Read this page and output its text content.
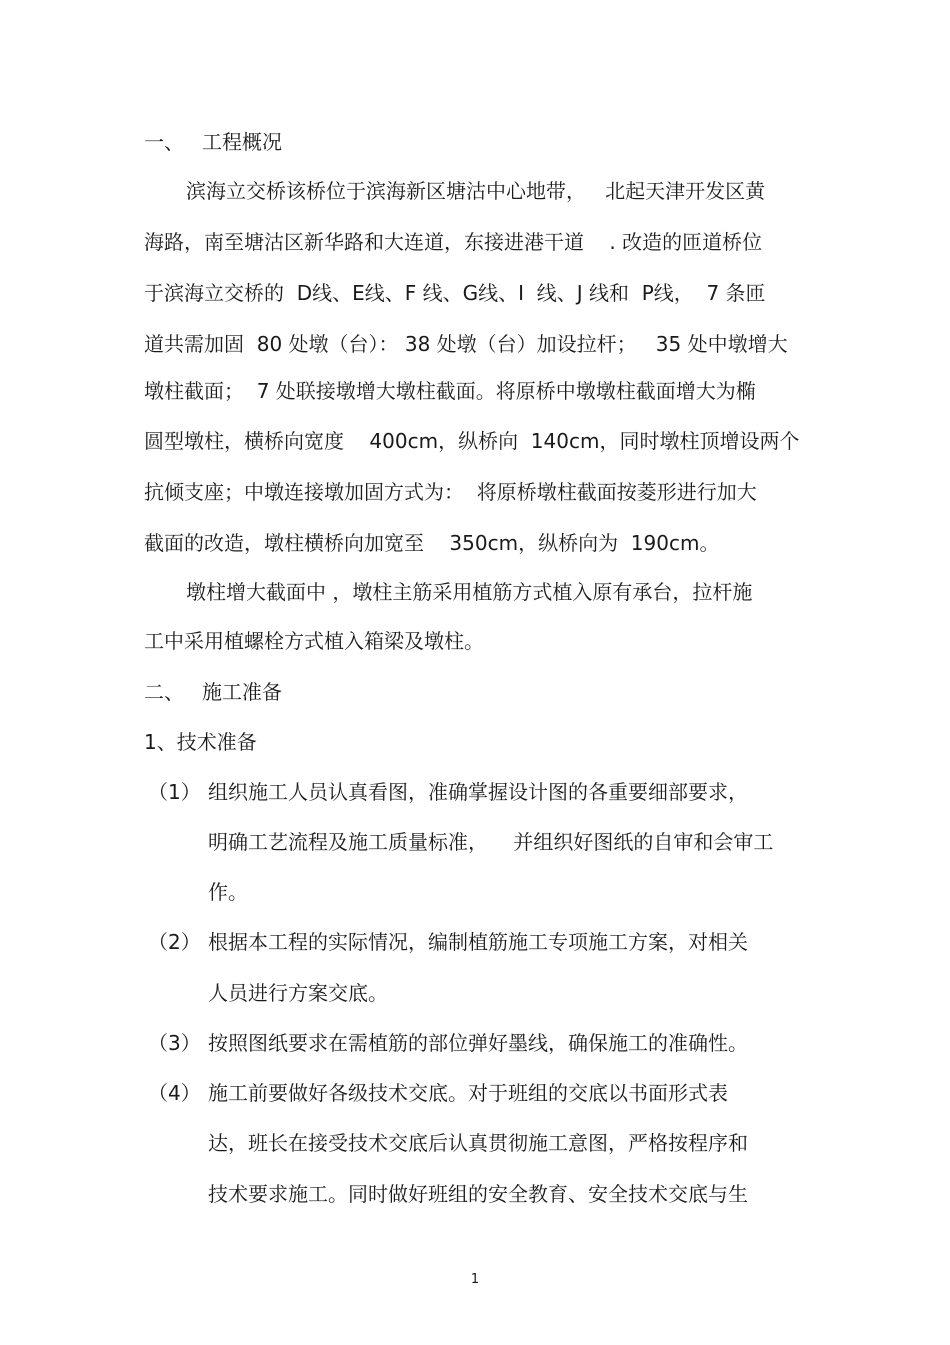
一、 工程概况
滨海立交桥该桥位于滨海新区塘沽中心地带，   北起天津开发区黄
海路，南至塘沽区新华路和大连道，东接进港干道    . 改造的匝道桥位
于滨海立交桥的  D线、E线、F 线、G线、I  线、J 线和  P线，  7 条匝
道共需加固  80 处墩（台）： 38 处墩（台）加设拉杆；   35 处中墩增大
墩柱截面；  7 处联接墩增大墩柱截面。将原桥中墩墩柱截面增大为椭
圆型墩柱，横桥向宽度    400cm，纵桥向  140cm，同时墩柱顶增设两个
抗倾支座；中墩连接墩加固方式为：  将原桥墩柱截面按菱形进行加大
截面的改造，墩柱横桥向加宽至    350cm，纵桥向为  190cm。
墩柱增大截面中 ，墩柱主筋采用植筋方式植入原有承台，拉杆施
工中采用植螺栓方式植入箱梁及墩柱。
二、 施工准备
1、技术准备
（1） 组织施工人员认真看图，准确掌握设计图的各重要细部要求，
明确工艺流程及施工质量标准，    并组织好图纸的自审和会审工
作。
（2） 根据本工程的实际情况，编制植筋施工专项施工方案，对相关
人员进行方案交底。
（3） 按照图纸要求在需植筋的部位弹好墨线，确保施工的准确性。
（4） 施工前要做好各级技术交底。对于班组的交底以书面形式表
达，班长在接受技术交底后认真贯彻施工意图，严格按程序和
技术要求施工。同时做好班组的安全教育、安全技术交底与生
1
